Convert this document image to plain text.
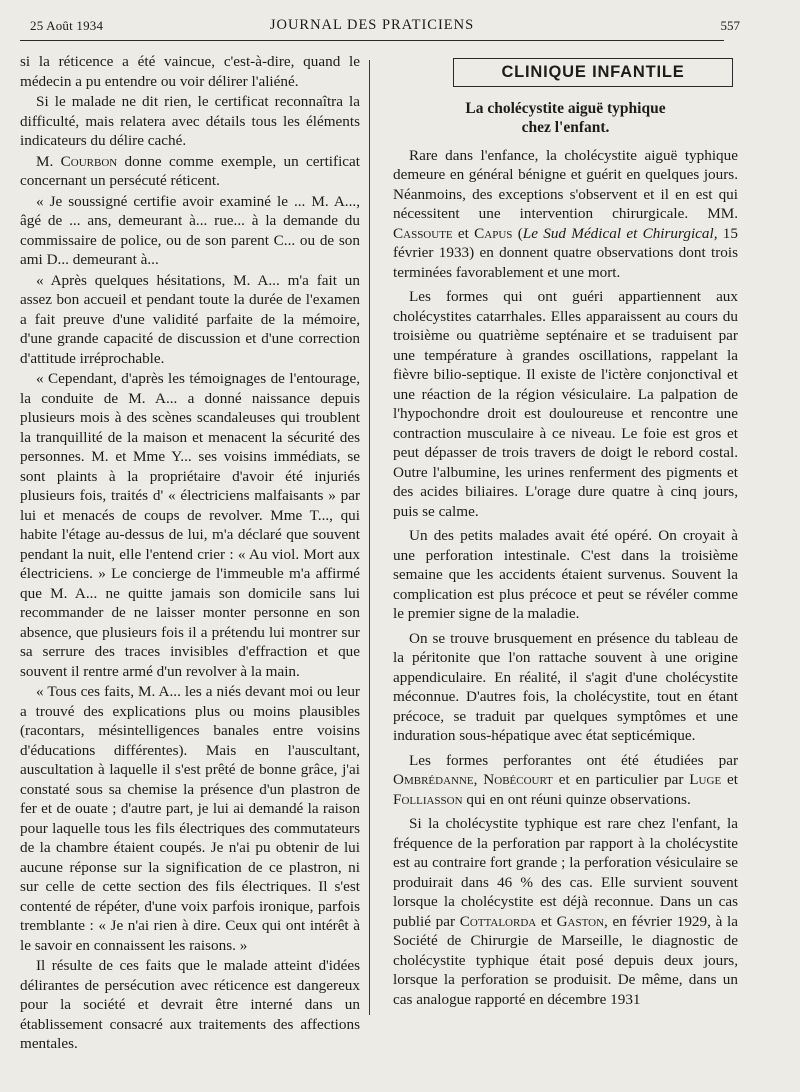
25 Août 1934	JOURNAL DES PRATICIENS	557

si la réticence a été vaincue, c'est-à-dire, quand le médecin a pu entendre ou voir délirer l'aliéné.

Si le malade ne dit rien, le certificat reconnaîtra la difficulté, mais relatera avec détails tous les éléments indicateurs du délire caché.

M. Courbon donne comme exemple, un certificat concernant un persécuté réticent.

« Je soussigné certifie avoir examiné le ... M. A..., âgé de ... ans, demeurant à... rue... à la demande du commissaire de police, ou de son parent C... ou de son ami D... demeurant à...

« Après quelques hésitations, M. A... m'a fait un assez bon accueil et pendant toute la durée de l'examen a fait preuve d'une validité parfaite de la mémoire, d'une grande capacité de discussion et d'une correction d'attitude irréprochable.

« Cependant, d'après les témoignages de l'entourage, la conduite de M. A... a donné naissance depuis plusieurs mois à des scènes scandaleuses qui troublent la tranquillité de la maison et menacent la sécurité des personnes. M. et Mme Y... ses voisins immédiats, se sont plaints à la propriétaire d'avoir été injuriés plusieurs fois, traités d' « électriciens malfaisants » par lui et menacés de coups de revolver. Mme T..., qui habite l'étage au-dessus de lui, m'a déclaré que souvent pendant la nuit, elle l'entend crier : « Au viol. Mort aux électriciens. » Le concierge de l'immeuble m'a affirmé que M. A... ne quitte jamais son domicile sans lui recommander de ne laisser monter personne en son absence, que plusieurs fois il a prétendu lui montrer sur sa serrure des traces invisibles d'effraction et que souvent il rentre armé d'un revolver à la main.

« Tous ces faits, M. A... les a niés devant moi ou leur a trouvé des explications plus ou moins plausibles (racontars, mésintelligences banales entre voisins d'éducations différentes). Mais en l'auscultant, auscultation à laquelle il s'est prêté de bonne grâce, j'ai constaté sous sa chemise la présence d'un plastron de fer et de ouate ; d'autre part, je lui ai demandé la raison pour laquelle tous les fils électriques des commutateurs de la chambre étaient coupés. Je n'ai pu obtenir de lui aucune réponse sur la signification de ce plastron, ni sur celle de cette section des fils électriques. Il s'est contenté de répéter, d'une voix parfois ironique, parfois tremblante : « Je n'ai rien à dire. Ceux qui ont intérêt à le savoir en connaissent les raisons. »

Il résulte de ces faits que le malade atteint d'idées délirantes de persécution avec réticence est dangereux pour la société et devrait être interné dans un établissement consacré aux traitements des affections mentales.

CLINIQUE INFANTILE
La cholécystite aiguë typhique
chez l'enfant.

Rare dans l'enfance, la cholécystite aiguë typhique demeure en général bénigne et guérit en quelques jours. Néanmoins, des exceptions s'observent et il en est qui nécessitent une intervention chirurgicale. MM. Cassoute et Capus (Le Sud Médical et Chirurgical, 15 février 1933) en donnent quatre observations dont trois terminées favorablement et une mort.

Les formes qui ont guéri appartiennent aux cholécystites catarrhales. Elles apparaissent au cours du troisième ou quatrième septénaire et se traduisent par une température à grandes oscillations, rappelant la fièvre bilio-septique. Il existe de l'ictère conjonctival et une réaction de la région vésiculaire. La palpation de l'hypochondre droit est douloureuse et rencontre une contraction musculaire à ce niveau. Le foie est gros et peut dépasser de trois travers de doigt le rebord costal. Outre l'albumine, les urines renferment des pigments et des acides biliaires. L'orage dure quatre à cinq jours, puis se calme.

Un des petits malades avait été opéré. On croyait à une perforation intestinale. C'est dans la troisième semaine que les accidents étaient survenus. Souvent la complication est plus précoce et peut se révéler comme le premier signe de la maladie.

On se trouve brusquement en présence du tableau de la péritonite que l'on rattache souvent à une origine appendiculaire. En réalité, il s'agit d'une cholécystite méconnue. D'autres fois, la cholécystite, tout en étant précoce, se traduit par quelques symptômes et une induration sous-hépatique avec état septicémique.

Les formes perforantes ont été étudiées par Ombrédanne, Nobécourt et en particulier par Luge et Folliasson qui en ont réuni quinze observations.

Si la cholécystite typhique est rare chez l'enfant, la fréquence de la perforation par rapport à la cholécystite est au contraire fort grande ; la perforation vésiculaire se produirait dans 46 % des cas. Elle survient souvent lorsque la cholécystite est déjà reconnue. Dans un cas publié par Cottalorda et Gaston, en février 1929, à la Société de Chirurgie de Marseille, le diagnostic de cholécystite typhique était posé depuis deux jours, lorsque la perforation se produisit. De même, dans un cas analogue rapporté en décembre 1931
